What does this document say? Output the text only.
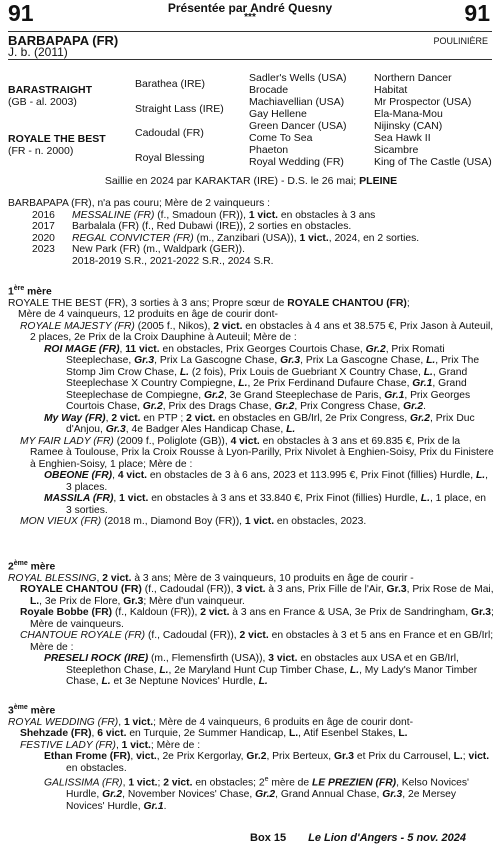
91	Présentée par André Quesny
***	91
BARBAPAPA (FR)
J. b. (2011)
POULINIÈRE
BARASTRAIGHT
(GB - al. 2003)
ROYALE THE BEST
(FR - n. 2000)
Barathea (IRE)
Straight Lass (IRE)
Cadoudal (FR)
Royal Blessing
Sadler's Wells (USA)
Brocade
Machiavellian (USA)
Gay Hellene
Green Dancer (USA)
Come To Sea
Phaeton
Royal Wedding (FR)
Northern Dancer
Habitat
Mr Prospector (USA)
Ela-Mana-Mou
Nijinsky (CAN)
Sea Hawk II
Sicambre
King of The Castle (USA)
Saillie en 2024 par KARAKTAR (IRE) - D.S. le 26 mai; PLEINE

BARBAPAPA (FR), n'a pas couru; Mère de 2 vainqueurs :

2016 MESSALINE (FR) (f., Smadoun (FR)), 1 vict. en obstacles à 3 ans

2017 Barbalala (FR) (f., Red Dubawi (IRE)), 2 sorties en obstacles.

2020 REGAL CONVICTER (FR) (m., Zanzibari (USA)), 1 vict., 2024, en 2 sorties.

2023 New Park (FR) (m., Waldpark (GER)).

2018-2019 S.R., 2021-2022 S.R., 2024 S.R.

1ère mère

ROYALE THE BEST (FR), 3 sorties à 3 ans; Propre sœur de ROYALE CHANTOU (FR);

Mère de 4 vainqueurs, 12 produits en âge de courir dont-

ROYALE MAJESTY (FR) (2005 f., Nikos), 2 vict. en obstacles à 4 ans et 38.575 €, Prix Jason à Auteuil, 2 places, 2e Prix de la Croix Dauphine à Auteuil; Mère de :

ROI MAGE (FR), 11 vict. en obstacles, Prix Georges Courtois Chase, Gr.2, Prix Romati Steeplechase, Gr.3, Prix La Gascogne Chase, Gr.3, Prix La Gascogne Chase, L., Prix The Stomp Jim Crow Chase, L. (2 fois), Prix Louis de Guebriant X Country Chase, L., Grand Steeplechase X Country Compiegne, L., 2e Prix Ferdinand Dufaure Chase, Gr.1, Grand Steeplechase de Compiegne, Gr.2, 3e Grand Steeplechase de Paris, Gr.1, Prix Georges Courtois Chase, Gr.2, Prix des Drags Chase, Gr.2, Prix Congress Chase, Gr.2.

My Way (FR), 2 vict. en PTP ; 2 vict. en obstacles en GB/Irl, 2e Prix Congress, Gr.2, Prix Duc d'Anjou, Gr.3, 4e Badger Ales Handicap Chase, L.

MY FAIR LADY (FR) (2009 f., Poliglote (GB)), 4 vict. en obstacles à 3 ans et 69.835 €, Prix de la Ramee à Toulouse, Prix la Croix Rousse à Lyon-Parilly, Prix Nivolet à Enghien-Soisy, Prix du Finistere à Enghien-Soisy, 1 place; Mère de :

OBEONE (FR), 4 vict. en obstacles de 3 à 6 ans, 2023 et 113.995 €, Prix Finot (fillies) Hurdle, L., 3 places.

MASSILA (FR), 1 vict. en obstacles à 3 ans et 33.840 €, Prix Finot (fillies) Hurdle, L., 1 place, en 3 sorties.

MON VIEUX (FR) (2018 m., Diamond Boy (FR)), 1 vict. en obstacles, 2023.

2ème mère

ROYAL BLESSING, 2 vict. à 3 ans; Mère de 3 vainqueurs, 10 produits en âge de courir -

ROYALE CHANTOU (FR) (f., Cadoudal (FR)), 3 vict. à 3 ans, Prix Fille de l'Air, Gr.3, Prix Rose de Mai, L., 3e Prix de Flore, Gr.3; Mère d'un vainqueur.

Royale Bobbe (FR) (f., Kaldoun (FR)), 2 vict. à 3 ans en France & USA, 3e Prix de Sandringham, Gr.3; Mère de vainqueurs.

CHANTOUE ROYALE (FR) (f., Cadoudal (FR)), 2 vict. en obstacles à 3 et 5 ans en France et en GB/Irl; Mère de :

PRESELI ROCK (IRE) (m., Flemensfirth (USA)), 3 vict. en obstacles aux USA et en GB/Irl, Steeplethon Chase, L., 2e Maryland Hunt Cup Timber Chase, L., My Lady's Manor Timber Chase, L. et 3e Neptune Novices' Hurdle, L.

3ème mère

ROYAL WEDDING (FR), 1 vict.; Mère de 4 vainqueurs, 6 produits en âge de courir dont-

Shehzade (FR), 6 vict. en Turquie, 2e Summer Handicap, L., Atif Esenbel Stakes, L.

FESTIVE LADY (FR), 1 vict.; Mère de :

Ethan Frome (FR), vict., 2e Prix Kergorlay, Gr.2, Prix Berteux, Gr.3 et Prix du Carrousel, L.; vict. en obstacles.

GALISSIMA (FR), 1 vict.; 2 vict. en obstacles; 2e mère de LE PREZIEN (FR), Kelso Novices' Hurdle, Gr.2, November Novices' Chase, Gr.2, Grand Annual Chase, Gr.3, 2e Mersey Novices' Hurdle, Gr.1.

Box 15 Le Lion d'Angers - 5 nov. 2024
